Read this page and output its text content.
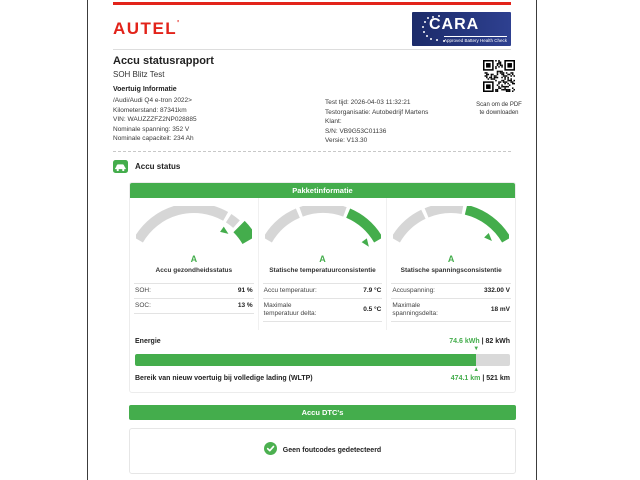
AUTEL'	CARA
Approved Battery Health Check
Accu statusrapport
SOH Blitz Test
Voertuig Informatie
/Audi/Audi Q4 e-tron 2022>
Kilometerstand: 87341km
VIN: WAUZZZFZ2NP028885
Nominale spanning: 352 V
Nominale capaciteit: 234 Ah
Test tijd: 2026-04-03 11:32:21
Testorganisatie: Autobedrijf Martens
Klant:
S/N: VB9G53C01136
Versie: V13.30
Scan om de PDF
te downloaden
Accu status
Pakketinformatie
A
Accu gezondheidsstatus
SOH:	91 %
SOC:	13 %
A
Statische temperatuurconsistentie
Accu temperatuur:	7.9 °C
Maximale temperatuur delta:	0.5 °C
A
Statische spanningsconsistentie
Accuspanning:	332.00 V
Maximale spanningsdelta:	18 mV
Energie	74.6 kWh | 82 kWh
▼
▲
Bereik van nieuw voertuig bij volledige lading (WLTP)	474.1 km | 521 km
Accu DTC's
Geen foutcodes gedetecteerd
